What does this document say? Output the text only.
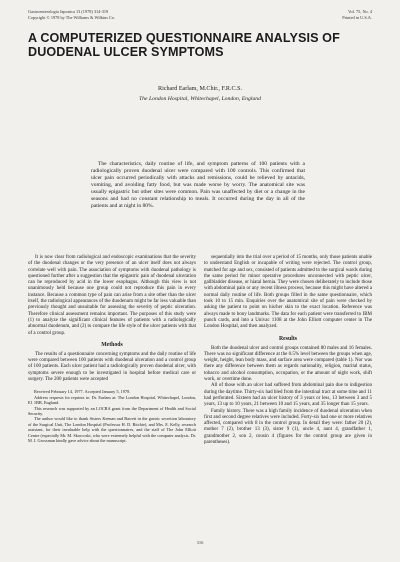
Gastroenterologia Japonica 13 (1978) 314-319
Copyright © 1978 by The Williams & Wilkins Co.
Vol. 75, No. 4
Printed in U.S.A.
A COMPUTERIZED QUESTIONNAIRE ANALYSIS OF DUODENAL ULCER SYMPTOMS
Richard Earlam, M.Chir., F.R.C.S.
The London Hospital, Whitechapel, London, England

The characteristics, daily routine of life, and symptom patterns of 100 patients with a radiologically proven duodenal ulcer were compared with 100 controls. This confirmed that ulcer pain occurred periodically with attacks and remissions, could be relieved by antacids, vomiting, and avoiding fatty food, but was made worse by worry. The anatomical site was usually epigastric but other sites were common. Pain was unaffected by diet or a change in the seasons and had no constant relationship to meals. It occurred during the day in all of the patients and at night in 80%.

It is now clear from radiological and endoscopic examinations that the severity of the duodenal changes or the very presence of an ulcer itself does not always correlate well with pain. The association of symptoms with duodenal pathology is questioned further after a suggestion that the epigastric pain of duodenal ulceration can be reproduced by acid in the lower esophagus. Although this view is not unanimously held because one group could not reproduce this pain in every instance. Because a common type of pain can arise from a site other than the ulcer itself, the radiological appearances of the duodenum might be far less valuable than previously thought and unsuitable for assessing the severity of peptic ulceration. Therefore clinical assessment remains important. The purposes of this study were (1) to analyze the significant clinical features of patients with a radiologically abnormal duodenum, and (2) to compare the life style of the ulcer patients with that of a control group.

Methods

The results of a questionnaire concerning symptoms and the daily routine of life were compared between 100 patients with duodenal ulceration and a control group of 100 patients. Each ulcer patient had a radiologically proven duodenal ulcer, with symptoms severe enough to be investigated in hospital before medical care or surgery. The 200 patients were accepted

Received February 14, 1977. Accepted January 5, 1978.

Address requests for reprints to: Dr. Earlam at: The London Hospital, Whitechapel, London, E1 1BB, England.

This research was supported by an LOCRA grant from the Department of Health and Social Security.

The author would like to thank Sisters Keenan and Barrett in the gastric secretion laboratory of the Surgical Unit, The London Hospital (Professor H. D. Ritchie), and Mrs. E. Kelly, research assistant, for their invaluable help with the questionnaires, and the staff of The John Elliott Centre (especially Mr. M. Skorcoski, who were extremely helpful with the computer analysis. Dr. M. I. Grossman kindly gave advice about the manuscript.

sequentially into the trial over a period of 15 months, only those patients unable to understand English or incapable of writing were rejected. The control group, matched for age and sex, consisted of patients admitted to the surgical wards during the same period for minor operative procedures unconnected with peptic ulcer, gallbladder disease, or hiatal hernia. They were chosen deliberately to include those with abdominal pain or any recent illness process, because this might have altered a normal daily routine of life. Both groups filled in the same questionnaire, which took 10 to 15 min. Enquiries over the anatomical site of pain were checked by asking the patient to point on his/her skin to the exact location. Reference was always made to bony landmarks. The data for each patient were transferred to IBM punch cards, and into a Univac 1108 at the John Elliott computer center in The London Hospital, and then analyzed.

Results

Both the duodenal ulcer and control groups contained 80 males and 16 females. There was no significant difference at the 0.5% level between the groups when age, weight, height, lean body mass, and surface area were compared (table 1). Nor was there any difference between them as regards nationality, religion, marital status, tobacco and alcohol consumption, occupation, or the amount of night work, shift work, or overtime done.

All of those with an ulcer had suffered from abdominal pain due to indigestion during the daytime. Thirty-six had bled from the intestinal tract at some time and 11 had perforated. Sixteen had an ulcer history of 3 years or less, 13 between 3 and 5 years, 13 up to 10 years, 21 between 10 and 15 years, and 35 longer than 15 years.

Family history. There was a high family incidence of duodenal ulceration when first and second degree relatives were included. Forty-six had one or more relatives affected, compared with 8 in the control group. In detail they were: father 20 (2), mother 7 (2), brother 13 (3), sister 9 (1), uncle 4, aunt 4, grandfather 1, grandmother 2, son 2, cousin 4 (figures for the control group are given in parentheses).

316
